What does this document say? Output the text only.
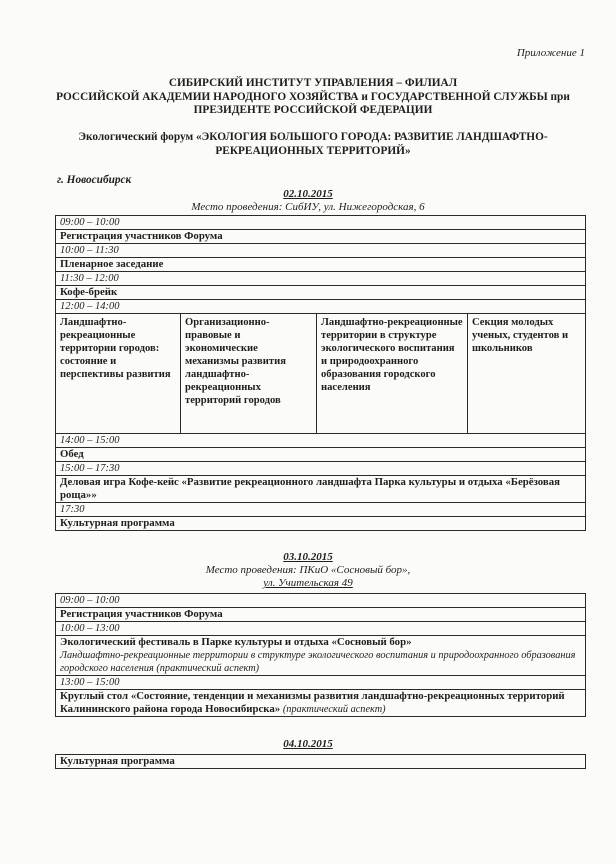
Приложение 1
СИБИРСКИЙ ИНСТИТУТ УПРАВЛЕНИЯ – ФИЛИАЛ
РОССИЙСКОЙ АКАДЕМИИ НАРОДНОГО ХОЗЯЙСТВА и ГОСУДАРСТВЕННОЙ СЛУЖБЫ при
ПРЕЗИДЕНТЕ РОССИЙСКОЙ ФЕДЕРАЦИИ
Экологический форум «ЭКОЛОГИЯ БОЛЬШОГО ГОРОДА: РАЗВИТИЕ ЛАНДШАФТНО-
РЕКРЕАЦИОННЫХ ТЕРРИТОРИЙ»
г. Новосибирск
02.10.2015
Место проведения: СибИУ, ул. Нижегородская, 6
09:00 – 10:00
Регистрация участников Форума
10:00 – 11:30
Пленарное заседание
11:30 – 12:00
Кофе-брейк
12:00 – 14:00
Ландшафтно-рекреационные территории городов: состояние и перспективы развития
Организационно-правовые и экономические механизмы развития ландшафтно-рекреационных территорий городов
Ландшафтно-рекреационные территории в структуре экологического воспитания и природоохранного образования городского населения
Секция молодых ученых, студентов и школьников
14:00 – 15:00
Обед
15:00 – 17:30
Деловая игра Кофе-кейс «Развитие рекреационного ландшафта Парка культуры и отдыха «Берёзовая роща»»
17:30
Культурная программа
03.10.2015
Место проведения: ПКиО «Сосновый бор»,
ул. Учительская 49
09:00 – 10:00
Регистрация участников Форума
10:00 – 13:00
Экологический фестиваль в Парке культуры и отдыха «Сосновый бор»
Ландшафтно-рекреационные территории в структуре экологического воспитания и природоохранного образования городского населения (практический аспект)
13:00 – 15:00
Круглый стол «Состояние, тенденции и механизмы развития ландшафтно-рекреационных территорий Калининского района города Новосибирска» (практический аспект)
04.10.2015
Культурная программа
